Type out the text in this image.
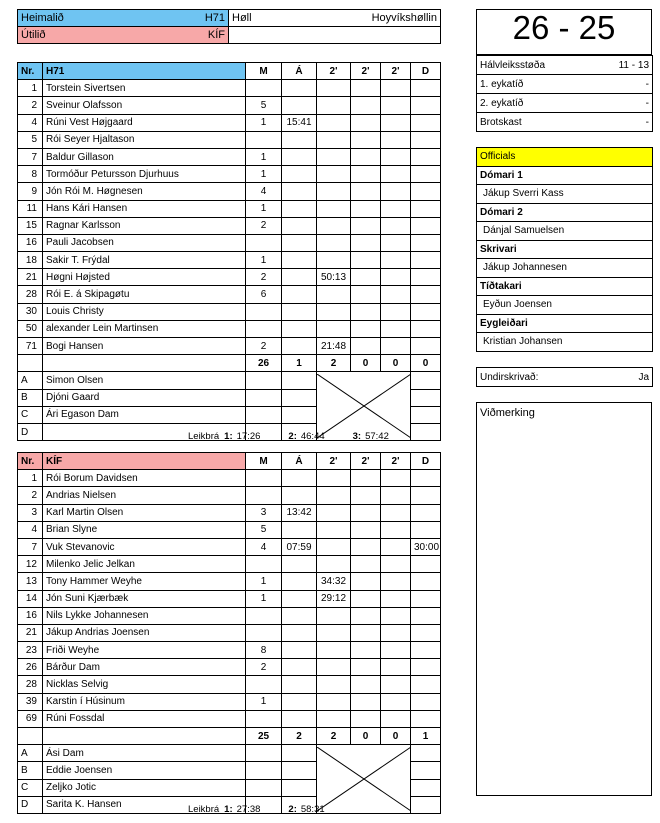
Heimalið H71	Høll Hoyvíkshøllin

Útilið KÍF	

Nr.	H71	M	Á	2'	2'	2'	D
1	Torstein Sivertsen						
2	Sveinur Olafsson	5					
4	Rúni Vest Højgaard	1	15:41				
5	Rói Seyer Hjaltason						
7	Baldur Gillason	1					
8	Tormóður Petursson Djurhuus	1					
9	Jón Rói M. Høgnesen	4					
11	Hans Kári Hansen	1					
15	Ragnar Karlsson	2					
16	Pauli Jacobsen						
18	Sakir T. Frýdal	1					
21	Høgni Højsted	2		50:13			
28	Rói E. á Skipagøtu	6					
30	Louis Christy						
50	alexander Lein Martinsen						
71	Bogi Hansen	2		21:48			
		26	1	2	0	0	0
A	Simon Olsen			

B	Djóni Gaard						
C	Ári Egason Dam						
D								Leikbrá 1: 17:26	2: 46:44	3: 57:42
Nr.	KÍF	M	Á	2'	2'	2'	D
1	Rói Borum Davidsen						
2	Andrias Nielsen						
3	Karl Martin Olsen	3	13:42				
4	Brian Slyne	5					
7	Vuk Stevanovic	4	07:59				30:00
12	Milenko Jelic Jelkan						
13	Tony Hammer Weyhe	1		34:32			
14	Jón Suni Kjærbæk	1		29:12			
16	Nils Lykke Johannesen						
21	Jákup Andrias Joensen						
23	Friði Weyhe	8					
26	Bárður Dam	2					
28	Nicklas Selvig						
39	Karstin í Húsinum	1					
69	Rúni Fossdal						
		25	2	2	0	0	1
A	Ási Dam			

B	Eddie Joensen						
C	Zeljko Jotic						
D	Sarita K. Hansen							Leikbrá 1: 27:38	2: 58:31
26 - 25
Hálvleiksstøða	11 - 13

1. eykatíð	-

2. eykatíð	-

Brotskast	-
Officials
Dómari 1
Jákup Sverri Kass
Dómari 2
Dánjal Samuelsen
Skrivari
Jákup Johannesen
Tíðtakari
Eyðun Joensen
Eygleiðari
Kristian Johansen
Undirskrivað:	Ja
Viðmerking
